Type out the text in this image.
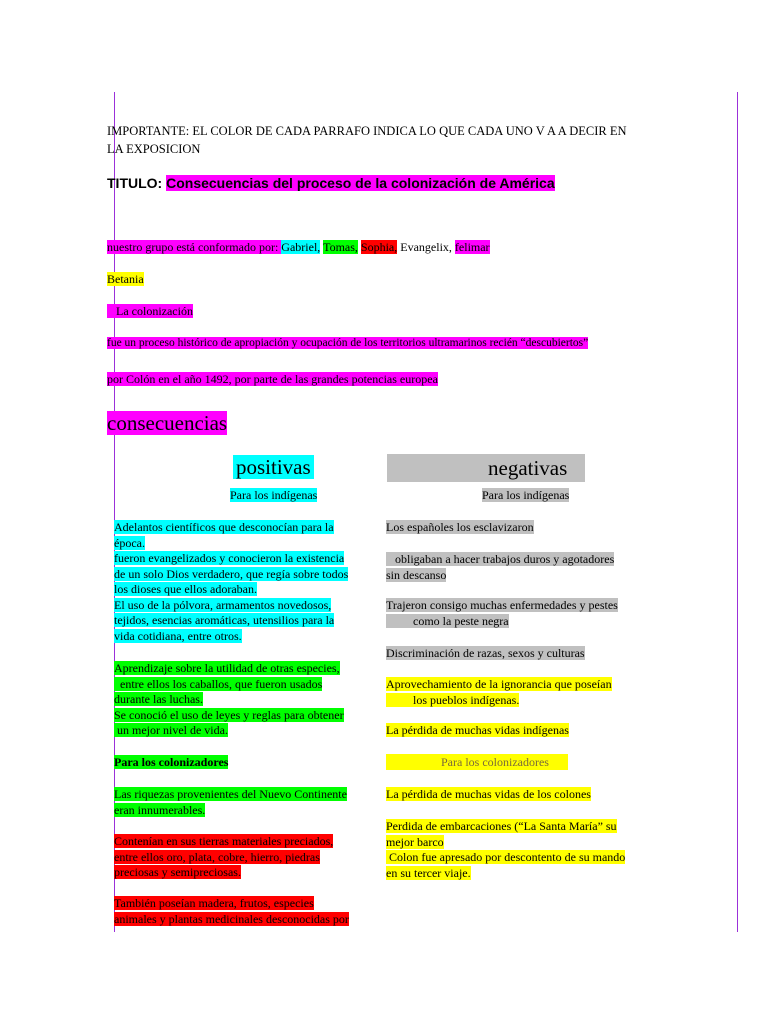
IMPORTANTE: EL COLOR DE CADA PARRAFO INDICA LO QUE CADA UNO V A A DECIR EN
LA EXPOSICION
TITULO: Consecuencias del proceso de la colonización de América
nuestro grupo está conformado por: Gabriel, Tomas, Sophia, Evangelix, felimar
Betania
La colonización
fue un proceso histórico de apropiación y ocupación de los territorios ultramarinos recién “descubiertos”
por Colón en el año 1492, por parte de las grandes potencias europea
consecuencias
positivas
Para los indígenas
negativas
Para los indígenas
Adelantos científicos que desconocían para la
época.
fueron evangelizados y conocieron la existencia
de un solo Dios verdadero, que regía sobre todos
los dioses que ellos adoraban.
El uso de la pólvora, armamentos novedosos,
tejidos, esencias aromáticas, utensilios para la
vida cotidiana, entre otros.
Aprendizaje sobre la utilidad de otras especies,
entre ellos los caballos, que fueron usados
durante las luchas.
Se conoció el uso de leyes y reglas para obtener
un mejor nivel de vida.
Para los colonizadores
Las riquezas provenientes del Nuevo Continente
eran innumerables.
Contenían en sus tierras materiales preciados,
entre ellos oro, plata, cobre, hierro, piedras
preciosas y semipreciosas.
También poseían madera, frutos, especies
animales y plantas medicinales desconocidas por
Los españoles los esclavizaron
obligaban a hacer trabajos duros y agotadores
sin descanso
Trajeron consigo muchas enfermedades y pestes
como la peste negra
Discriminación de razas, sexos y culturas
Aprovechamiento de la ignorancia que poseían
los pueblos indígenas.
La pérdida de muchas vidas indígenas
Para los colonizadores
La pérdida de muchas vidas de los colones
Perdida de embarcaciones (“La Santa María” su
mejor barco
Colon fue apresado por descontento de su mando
en su tercer viaje.
